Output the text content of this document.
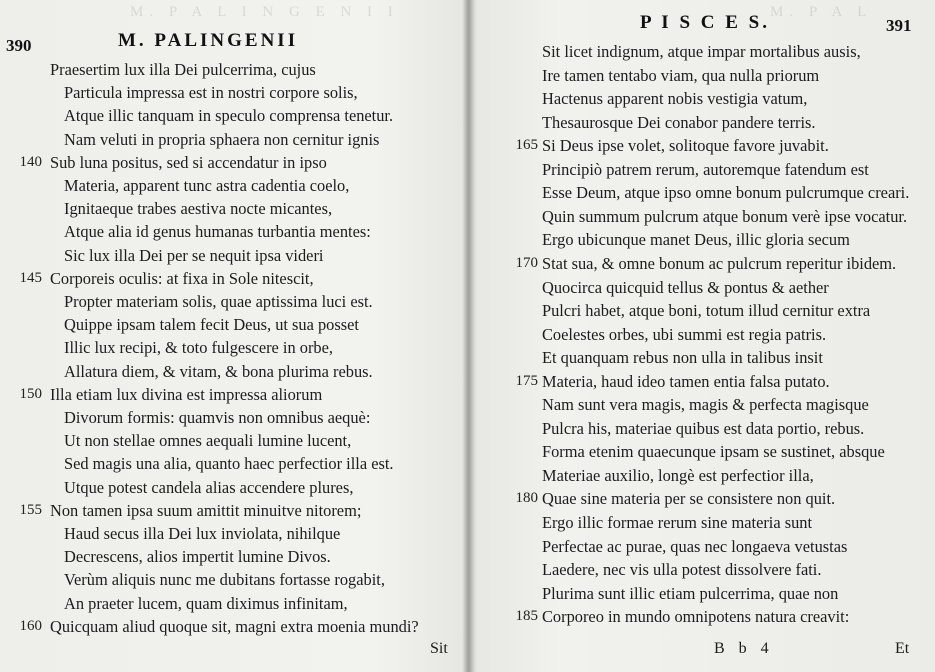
M. P A L I N G E N I I
390	M. PALINGENII
Praesertim lux illa Dei pulcerrima, cujus
Particula impressa est in nostri corpore solis,
Atque illic tanquam in speculo comprensa tenetur.
Nam veluti in propria sphaera non cernitur ignis
140 Sub luna positus, sed si accendatur in ipso
Materia, apparent tunc astra cadentia coelo,
Ignitaeque trabes aestiva nocte micantes,
Atque alia id genus humanas turbantia mentes:
Sic lux illa Dei per se nequit ipsa videri
145 Corporeis oculis: at fixa in Sole nitescit,
Propter materiam solis, quae aptissima luci est.
Quippe ipsam talem fecit Deus, ut sua posset
Illic lux recipi, & toto fulgescere in orbe,
Allatura diem, & vitam, & bona plurima rebus.
150 Illa etiam lux divina est impressa aliorum
Divorum formis: quamvis non omnibus aequè:
Ut non stellae omnes aequali lumine lucent,
Sed magis una alia, quanto haec perfectior illa est.
Utque potest candela alias accendere plures,
155 Non tamen ipsa suum amittit minuitve nitorem;
Haud secus illa Dei lux inviolata, nihilque
Decrescens, alios impertit lumine Divos.
Verùm aliquis nunc me dubitans fortasse rogabit,
An praeter lucem, quam diximus infinitam,
160 Quicquam aliud quoque sit, magni extra moenia mundi?
Sit
M. P A L
P I S C E S.	391
Sit licet indignum, atque impar mortalibus ausis,
Ire tamen tentabo viam, qua nulla priorum
Hactenus apparent nobis vestigia vatum,
Thesaurosque Dei conabor pandere terris.
165 Si Deus ipse volet, solitoque favore juvabit.
Principiò patrem rerum, autoremque fatendum est
Esse Deum, atque ipso omne bonum pulcrumque creari.
Quin summum pulcrum atque bonum verè ipse vocatur.
Ergo ubicunque manet Deus, illic gloria secum
170 Stat sua, & omne bonum ac pulcrum reperitur ibidem.
Quocirca quicquid tellus & pontus & aether
Pulcri habet, atque boni, totum illud cernitur extra
Coelestes orbes, ubi summi est regia patris.
Et quanquam rebus non ulla in talibus insit
175 Materia, haud ideo tamen entia falsa putato.
Nam sunt vera magis, magis & perfecta magisque
Pulcra his, materiae quibus est data portio, rebus.
Forma etenim quaecunque ipsam se sustinet, absque
Materiae auxilio, longè est perfectior illa,
180 Quae sine materia per se consistere non quit.
Ergo illic formae rerum sine materia sunt
Perfectae ac purae, quas nec longaeva vetustas
Laedere, nec vis ulla potest dissolvere fati.
Plurima sunt illic etiam pulcerrima, quae non
185 Corporeo in mundo omnipotens natura creavit:
B b 4	Et
